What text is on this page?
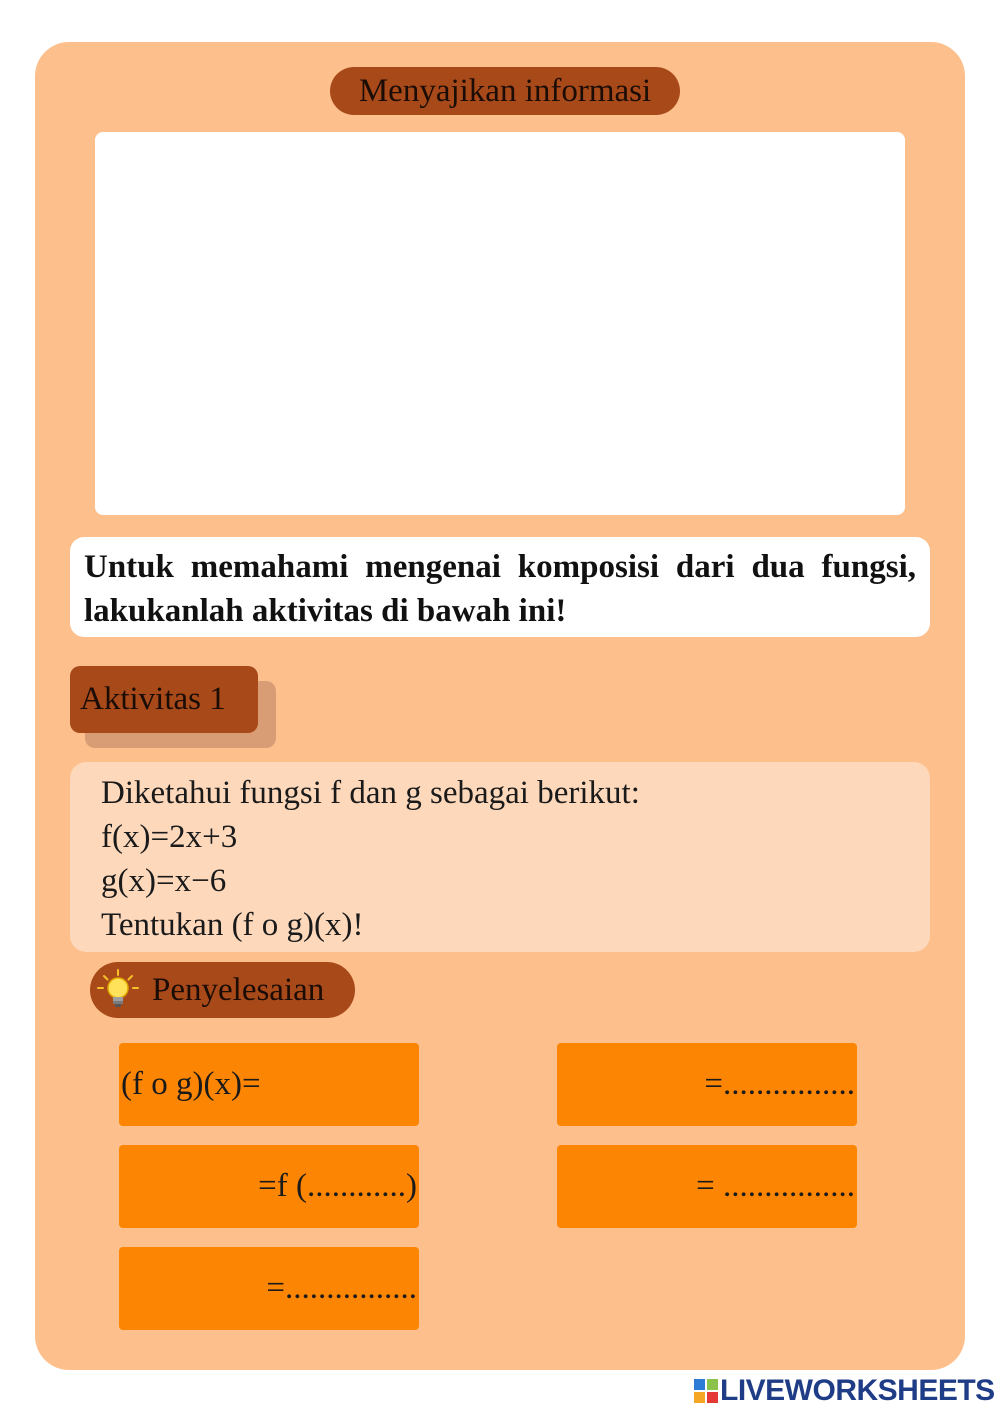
Menyajikan informasi
Untuk memahami mengenai komposisi dari dua fungsi, lakukanlah aktivitas di bawah ini!
Aktivitas 1
Diketahui fungsi f dan g sebagai berikut:
f(x)=2x+3
g(x)=x−6
Tentukan (f o g)(x)!
Penyelesaian
(f o g)(x)=
=f (............)
=................
=................
= ................
LIVEWORKSHEETS
